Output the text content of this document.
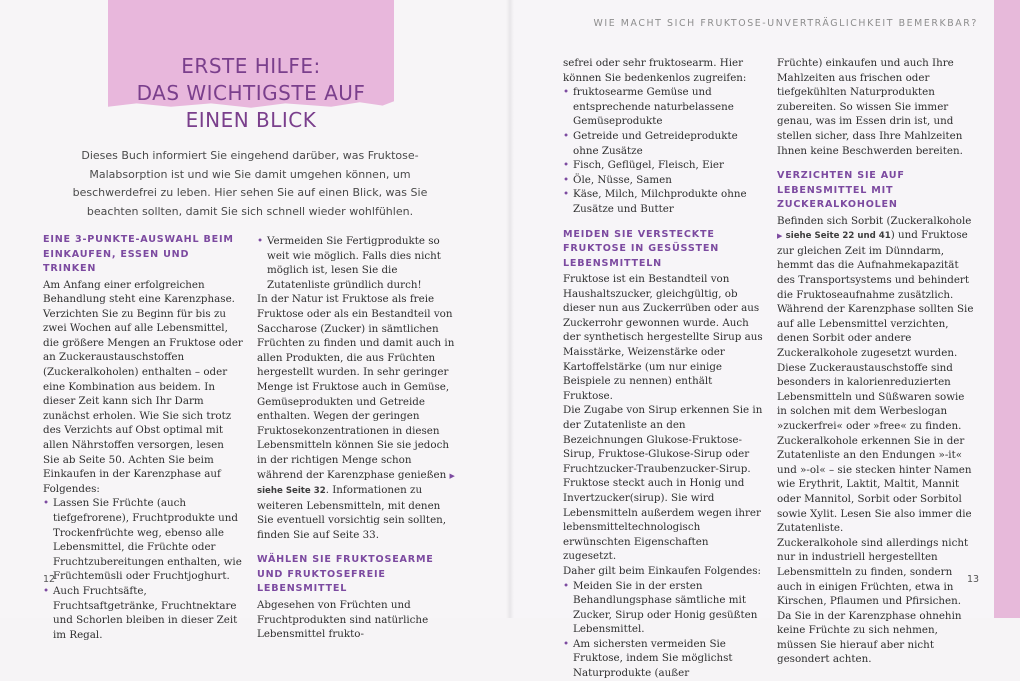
ERSTE HILFE:
DAS WICHTIGSTE AUF EINEN BLICK

Dieses Buch informiert Sie eingehend darüber, was Fruktose-Malabsorption ist und wie Sie damit umgehen können, um beschwerdefrei zu leben. Hier sehen Sie auf einen Blick, was Sie beachten sollten, damit Sie sich schnell wieder wohlfühlen.

WIE MACHT SICH FRUKTOSE-UNVERTRÄGLICHKEIT BEMERKBAR?
EINE 3-PUNKTE-AUSWAHL BEIM EINKAUFEN, ESSEN UND TRINKEN

Am Anfang einer erfolgreichen Behandlung steht eine Karenzphase. Verzichten Sie zu Beginn für bis zu zwei Wochen auf alle Lebensmittel, die größere Mengen an Fruktose oder an Zuckeraustauschstoffen (Zuckeralkoholen) enthalten – oder eine Kombination aus beidem. In dieser Zeit kann sich Ihr Darm zunächst erholen. Wie Sie sich trotz des Verzichts auf Obst optimal mit allen Nährstoffen versorgen, lesen Sie ab Seite 50. Achten Sie beim Einkaufen in der Karenzphase auf Folgendes:

• Lassen Sie Früchte (auch tiefgefrorene), Fruchtprodukte und Trockenfrüchte weg, ebenso alle Lebensmittel, die Früchte oder Fruchtzubereitungen enthalten, wie Früchtemüsli oder Fruchtjoghurt.
• Auch Fruchtsäfte, Fruchtsaftgetränke, Fruchtnektare und Schorlen bleiben in dieser Zeit im Regal.
• Vermeiden Sie Fertigprodukte so weit wie möglich. Falls dies nicht möglich ist, lesen Sie die Zutatenliste gründlich durch!

In der Natur ist Fruktose als freie Fruktose oder als ein Bestandteil von Saccharose (Zucker) in sämtlichen Früchten zu finden und damit auch in allen Produkten, die aus Früchten hergestellt wurden. In sehr geringer Menge ist Fruktose auch in Gemüse, Gemüseprodukten und Getreide enthalten. Wegen der geringen Fruktosekonzentrationen in diesen Lebensmitteln können Sie sie jedoch in der richtigen Menge schon während der Karenzphase genießen ▶ siehe Seite 32. Informationen zu weiteren Lebensmitteln, mit denen Sie eventuell vorsichtig sein sollten, finden Sie auf Seite 33.

WÄHLEN SIE FRUKTOSEARME UND FRUKTOSEFREIE LEBENSMITTEL

Abgesehen von Früchten und Fruchtprodukten sind natürliche Lebensmittel frukto-

sefrei oder sehr fruktosearm. Hier können Sie bedenkenlos zugreifen:

• fruktosearme Gemüse und entsprechende naturbelassene Gemüseprodukte
• Getreide und Getreideprodukte ohne Zusätze
• Fisch, Geflügel, Fleisch, Eier
• Öle, Nüsse, Samen
• Käse, Milch, Milchprodukte ohne Zusätze und Butter
MEIDEN SIE VERSTECKTE FRUKTOSE IN GESÜSSTEN LEBENSMITTELN

Fruktose ist ein Bestandteil von Haushaltszucker, gleichgültig, ob dieser nun aus Zuckerrüben oder aus Zuckerrohr gewonnen wurde. Auch der synthetisch hergestellte Sirup aus Maisstärke, Weizenstärke oder Kartoffelstärke (um nur einige Beispiele zu nennen) enthält Fruktose.

Die Zugabe von Sirup erkennen Sie in der Zutatenliste an den Bezeichnungen Glukose-Fruktose-Sirup, Fruktose-Glukose-Sirup oder Fruchtzucker-Traubenzucker-Sirup. Fruktose steckt auch in Honig und Invertzucker(sirup). Sie wird Lebensmitteln außerdem wegen ihrer lebensmitteltechnologisch erwünschten Eigenschaften zugesetzt.

Daher gilt beim Einkaufen Folgendes:

• Meiden Sie in der ersten Behandlungsphase sämtliche mit Zucker, Sirup oder Honig gesüßten Lebensmittel.
• Am sichersten vermeiden Sie Fruktose, indem Sie möglichst Naturprodukte (außer

Früchte) einkaufen und auch Ihre Mahlzeiten aus frischen oder tiefgekühlten Naturprodukten zubereiten. So wissen Sie immer genau, was im Essen drin ist, und stellen sicher, dass Ihre Mahlzeiten Ihnen keine Beschwerden bereiten.

VERZICHTEN SIE AUF LEBENSMITTEL MIT ZUCKERALKOHOLEN

Befinden sich Sorbit (Zuckeralkohole ▶ siehe Seite 22 und 41) und Fruktose zur gleichen Zeit im Dünndarm, hemmt das die Aufnahmekapazität des Transportsystems und behindert die Fruktoseaufnahme zusätzlich. Während der Karenzphase sollten Sie auf alle Lebensmittel verzichten, denen Sorbit oder andere Zuckeralkohole zugesetzt wurden. Diese Zuckeraustauschstoffe sind besonders in kalorienreduzierten Lebensmitteln und Süßwaren sowie in solchen mit dem Werbeslogan »zuckerfrei« oder »free« zu finden. Zuckeralkohole erkennen Sie in der Zutatenliste an den Endungen »-it« und »-ol« – sie stecken hinter Namen wie Erythrit, Laktit, Maltit, Mannit oder Mannitol, Sorbit oder Sorbitol sowie Xylit. Lesen Sie also immer die Zutatenliste.

Zuckeralkohole sind allerdings nicht nur in industriell hergestellten Lebensmitteln zu finden, sondern auch in einigen Früchten, etwa in Kirschen, Pflaumen und Pfirsichen. Da Sie in der Karenzphase ohnehin keine Früchte zu sich nehmen, müssen Sie hierauf aber nicht gesondert achten.

12	13
